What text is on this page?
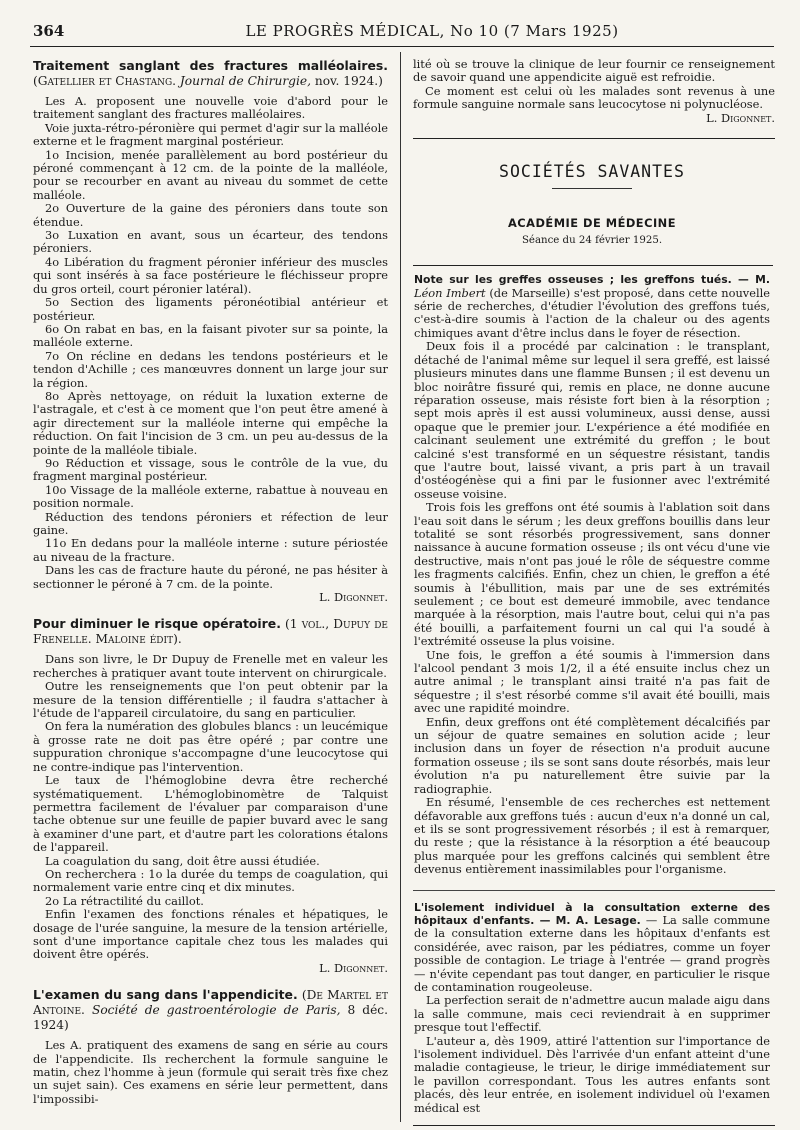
364	LE PROGRÈS MÉDICAL, No 10 (7 Mars 1925)

Traitement sanglant des fractures malléolaires. (Gatellier et Chastang. Journal de Chirurgie, nov. 1924.)

Les A. proposent une nouvelle voie d'abord pour le traitement sanglant des fractures malléolaires.

Voie juxta-rétro-péronière qui permet d'agir sur la malléole externe et le fragment marginal postérieur.

1o Incision, menée parallèlement au bord postérieur du péroné commençant à 12 cm. de la pointe de la malléole, pour se recourber en avant au niveau du sommet de cette malléole.

2o Ouverture de la gaine des péroniers dans toute son étendue.

3o Luxation en avant, sous un écarteur, des tendons péroniers.

4o Libération du fragment péronier inférieur des muscles qui sont insérés à sa face postérieure le fléchisseur propre du gros orteil, court péronier latéral).

5o Section des ligaments péronéotibial antérieur et postérieur.

6o On rabat en bas, en la faisant pivoter sur sa pointe, la malléole externe.

7o On récline en dedans les tendons postérieurs et le tendon d'Achille ; ces manœuvres donnent un large jour sur la région.

8o Après nettoyage, on réduit la luxation externe de l'astragale, et c'est à ce moment que l'on peut être amené à agir directement sur la malléole interne qui empêche la réduction. On fait l'incision de 3 cm. un peu au-dessus de la pointe de la malléole tibiale.

9o Réduction et vissage, sous le contrôle de la vue, du fragment marginal postérieur.

10o Vissage de la malléole externe, rabattue à nouveau en position normale.

Réduction des tendons péroniers et réfection de leur gaine.

11o En dedans pour la malléole interne : suture périostée au niveau de la fracture.

Dans les cas de fracture haute du péroné, ne pas hésiter à sectionner le péroné à 7 cm. de la pointe.

L. Digonnet.

Pour diminuer le risque opératoire. (1 vol., Dupuy de Frenelle. Maloine édit).

Dans son livre, le Dr Dupuy de Frenelle met en valeur les recherches à pratiquer avant toute intervent on chirurgicale.

Outre les renseignements que l'on peut obtenir par la mesure de la tension différentielle ; il faudra s'attacher à l'étude de l'appareil circulatoire, du sang en particulier.

On fera la numération des globules blancs : un leucémique à grosse rate ne doit pas être opéré ; par contre une suppuration chronique s'accompagne d'une leucocytose qui ne contre-indique pas l'intervention.

Le taux de l'hémoglobine devra être recherché systématiquement. L'hémoglobinomètre de Talquist permettra facilement de l'évaluer par comparaison d'une tache obtenue sur une feuille de papier buvard avec le sang à examiner d'une part, et d'autre part les colorations étalons de l'appareil.

La coagulation du sang, doit être aussi étudiée.

On recherchera : 1o la durée du temps de coagulation, qui normalement varie entre cinq et dix minutes.

2o La rétractilité du caillot.

Enfin l'examen des fonctions rénales et hépatiques, le dosage de l'urée sanguine, la mesure de la tension artérielle, sont d'une importance capitale chez tous les malades qui doivent être opérés.

L. Digonnet.

L'examen du sang dans l'appendicite. (De Martel et Antoine. Société de gastroentérologie de Paris, 8 déc. 1924)

Les A. pratiquent des examens de sang en série au cours de l'appendicite. Ils recherchent la formule sanguine le matin, chez l'homme à jeun (formule qui serait très fixe chez un sujet sain). Ces examens en série leur permettent, dans l'impossibi-

lité où se trouve la clinique de leur fournir ce renseignement de savoir quand une appendicite aiguë est refroidie.

Ce moment est celui où les malades sont revenus à une formule sanguine normale sans leucocytose ni polynucléose.

L. Digonnet.

SOCIÉTÉS SAVANTES
ACADÉMIE DE MÉDECINE
Séance du 24 février 1925.

Note sur les greffes osseuses ; les greffons tués. — M. Léon Imbert (de Marseille) s'est proposé, dans cette nouvelle série de recherches, d'étudier l'évolution des greffons tués, c'est-à-dire soumis à l'action de la chaleur ou des agents chimiques avant d'être inclus dans le foyer de résection.

Deux fois il a procédé par calcination : le transplant, détaché de l'animal même sur lequel il sera greffé, est laissé plusieurs minutes dans une flamme Bunsen ; il est devenu un bloc noirâtre fissuré qui, remis en place, ne donne aucune réparation osseuse, mais résiste fort bien à la résorption ; sept mois après il est aussi volumineux, aussi dense, aussi opaque que le premier jour. L'expérience a été modifiée en calcinant seulement une extrémité du greffon ; le bout calciné s'est transformé en un séquestre résistant, tandis que l'autre bout, laissé vivant, a pris part à un travail d'ostéogénèse qui a fini par le fusionner avec l'extrémité osseuse voisine.

Trois fois les greffons ont été soumis à l'ablation soit dans l'eau soit dans le sérum ; les deux greffons bouillis dans leur totalité se sont résorbés progressivement, sans donner naissance à aucune formation osseuse ; ils ont vécu d'une vie destructive, mais n'ont pas joué le rôle de séquestre comme les fragments calcifiés. Enfin, chez un chien, le greffon a été soumis à l'ébullition, mais par une de ses extrémités seulement ; ce bout est demeuré immobile, avec tendance marquée à la résorption, mais l'autre bout, celui qui n'a pas été bouilli, a parfaitement fourni un cal qui l'a soudé à l'extrémité osseuse la plus voisine.

Une fois, le greffon a été soumis à l'immersion dans l'alcool pendant 3 mois 1/2, il a été ensuite inclus chez un autre animal ; le transplant ainsi traité n'a pas fait de séquestre ; il s'est résorbé comme s'il avait été bouilli, mais avec une rapidité moindre.

Enfin, deux greffons ont été complètement décalcifiés par un séjour de quatre semaines en solution acide ; leur inclusion dans un foyer de résection n'a produit aucune formation osseuse ; ils se sont sans doute résorbés, mais leur évolution n'a pu naturellement être suivie par la radiographie.

En résumé, l'ensemble de ces recherches est nettement défavorable aux greffons tués : aucun d'eux n'a donné un cal, et ils se sont progressivement résorbés ; il est à remarquer, du reste ; que la résistance à la résorption a été beaucoup plus marquée pour les greffons calcinés qui semblent être devenus entièrement inassimilables pour l'organisme.

L'isolement individuel à la consultation externe des hôpitaux d'enfants. — M. A. Lesage. — La salle commune de la consultation externe dans les hôpitaux d'enfants est considérée, avec raison, par les pédiatres, comme un foyer possible de contagion. Le triage à l'entrée — grand progrès — n'évite cependant pas tout danger, en particulier le risque de contamination rougeoleuse.

La perfection serait de n'admettre aucun malade aigu dans la salle commune, mais ceci reviendrait à en supprimer presque tout l'effectif.

L'auteur a, dès 1909, attiré l'attention sur l'importance de l'isolement individuel. Dès l'arrivée d'un enfant atteint d'une maladie contagieuse, le trieur, le dirige immédiatement sur le pavillon correspondant. Tous les autres enfants sont placés, dès leur entrée, en isolement individuel où l'examen médical est
